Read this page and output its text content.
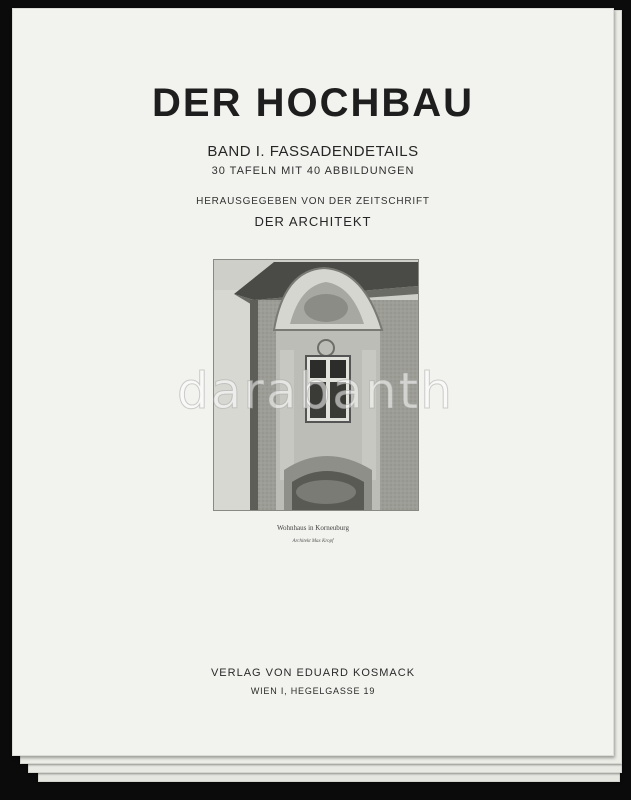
DER HOCHBAU
BAND I. FASSADENDETAILS
30 TAFELN MIT 40 ABBILDUNGEN
HERAUSGEGEBEN VON DER ZEITSCHRIFT
DER ARCHITEKT
Wohnhaus in Korneuburg
Architekt Max Kropf
VERLAG VON EDUARD KOSMACK
WIEN I, HEGELGASSE 19
darabanth
